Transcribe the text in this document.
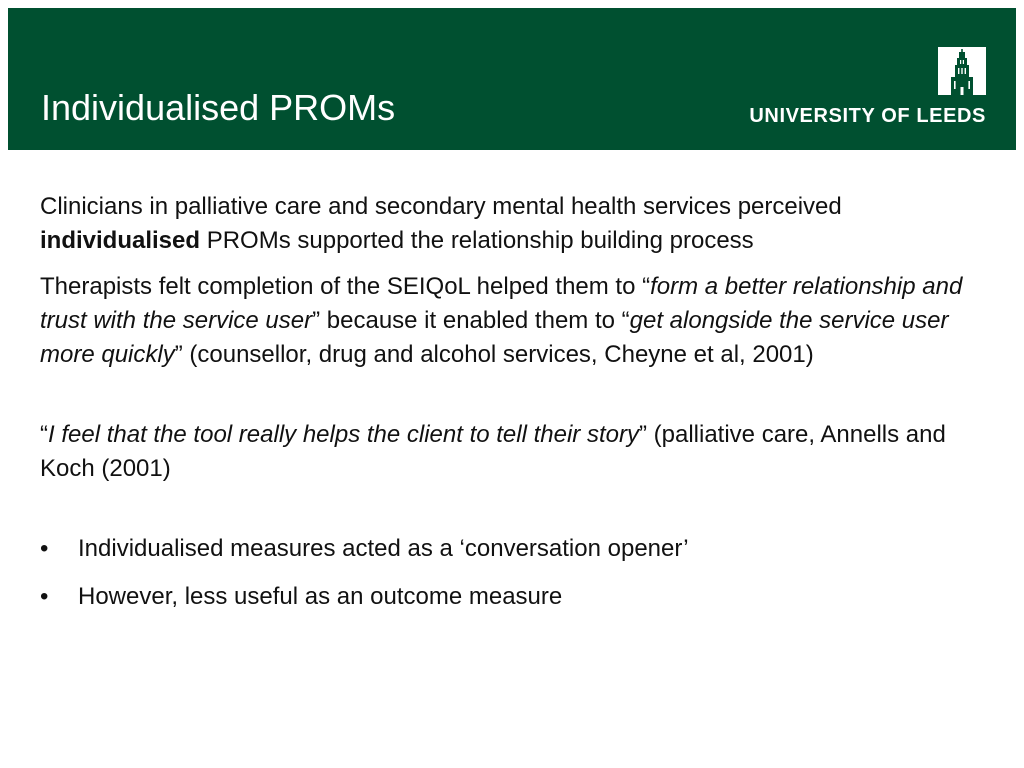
Individualised PROMs	UNIVERSITY OF LEEDS

Clinicians in palliative care and secondary mental health services perceived individualised PROMs supported the relationship building process

Therapists felt completion of the SEIQoL helped them to “form a better relationship and trust with the service user” because it enabled them to “get alongside the service user more quickly” (counsellor, drug and alcohol services, Cheyne et al, 2001)

“I feel that the tool really helps the client to tell their story” (palliative care, Annells and Koch (2001)

• Individualised measures acted as a ‘conversation opener’
• However, less useful as an outcome measure
